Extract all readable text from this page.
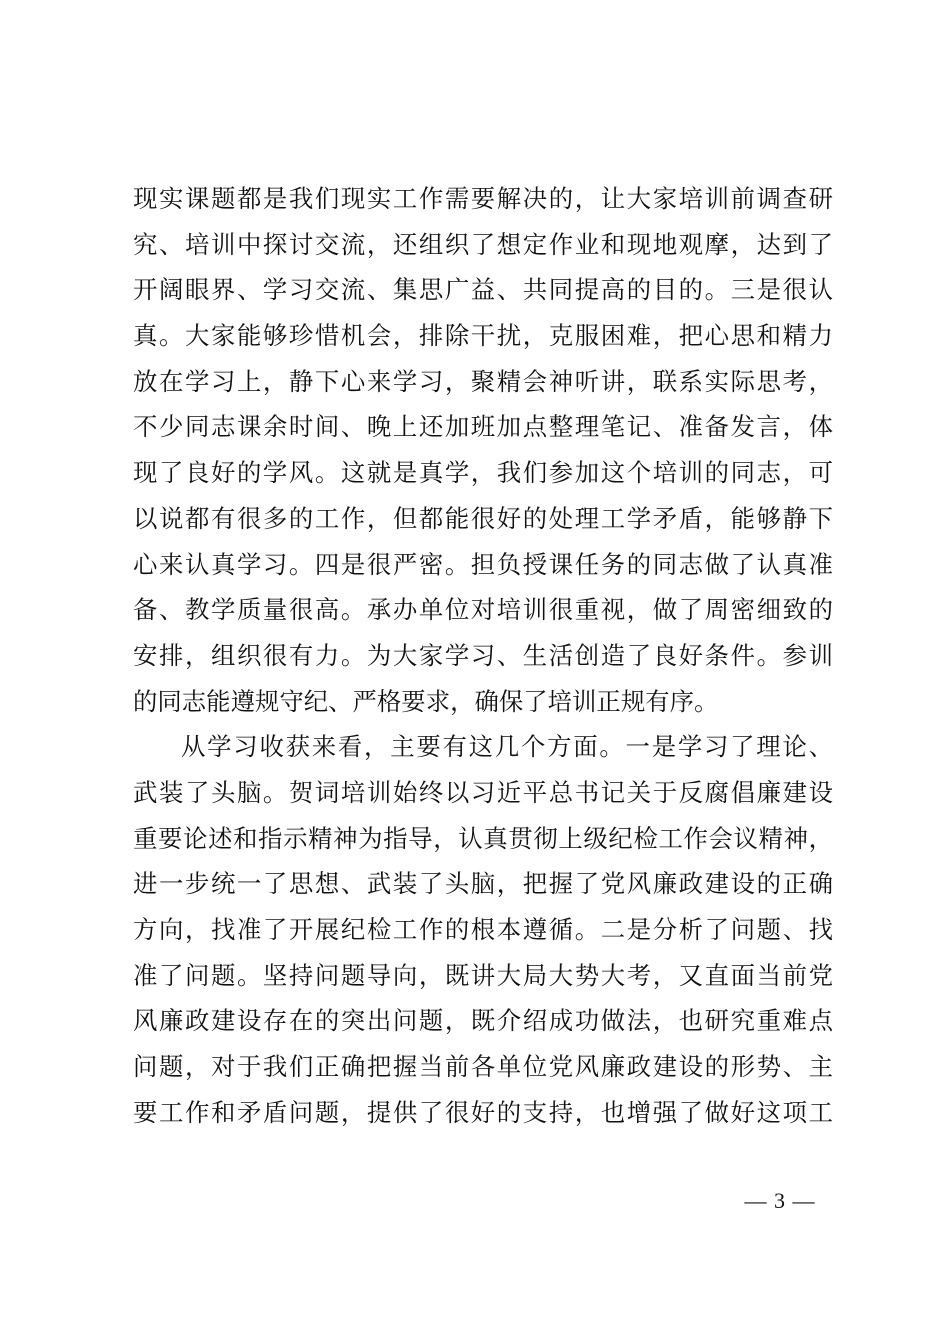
现实课题都是我们现实工作需要解决的，让大家培训前调查研
究、培训中探讨交流，还组织了想定作业和现地观摩，达到了
开阔眼界、学习交流、集思广益、共同提高的目的。三是很认
真。大家能够珍惜机会，排除干扰，克服困难，把心思和精力
放在学习上，静下心来学习，聚精会神听讲，联系实际思考，
不少同志课余时间、晚上还加班加点整理笔记、准备发言，体
现了良好的学风。这就是真学，我们参加这个培训的同志，可
以说都有很多的工作，但都能很好的处理工学矛盾，能够静下
心来认真学习。四是很严密。担负授课任务的同志做了认真准
备、教学质量很高。承办单位对培训很重视，做了周密细致的
安排，组织很有力。为大家学习、生活创造了良好条件。参训
的同志能遵规守纪、严格要求，确保了培训正规有序。
从学习收获来看，主要有这几个方面。一是学习了理论、
武装了头脑。贺词培训始终以习近平总书记关于反腐倡廉建设
重要论述和指示精神为指导，认真贯彻上级纪检工作会议精神，
进一步统一了思想、武装了头脑，把握了党风廉政建设的正确
方向，找准了开展纪检工作的根本遵循。二是分析了问题、找
准了问题。坚持问题导向，既讲大局大势大考，又直面当前党
风廉政建设存在的突出问题，既介绍成功做法，也研究重难点
问题，对于我们正确把握当前各单位党风廉政建设的形势、主
要工作和矛盾问题，提供了很好的支持，也增强了做好这项工
— 3 —
